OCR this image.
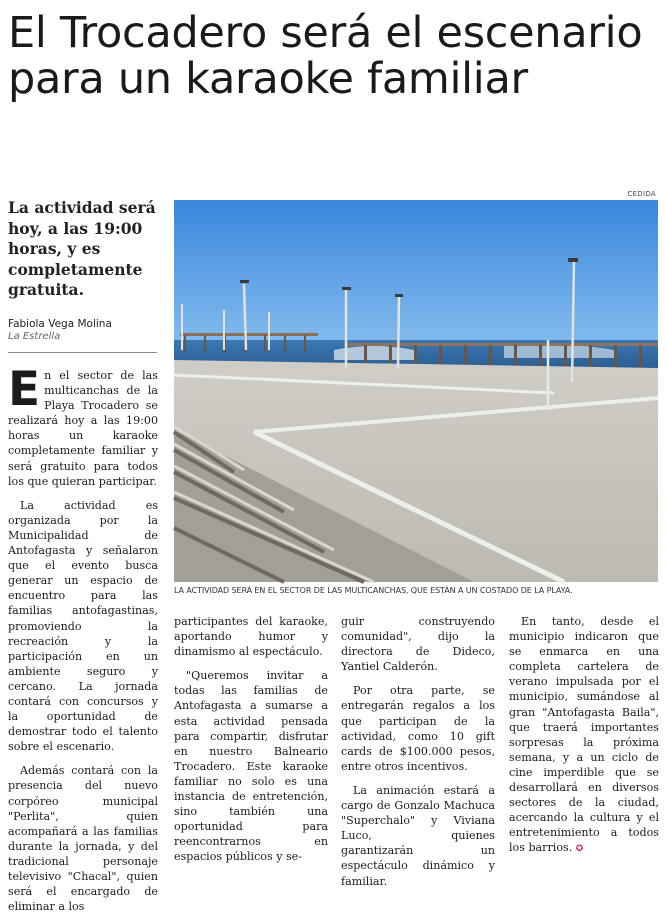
El Trocadero será el escenario para un karaoke familiar
La actividad será hoy, a las 19:00 horas, y es completamente gratuita.
Fabiola Vega Molina
La Estrella
CEDIDA
LA ACTIVIDAD SERÁ EN EL SECTOR DE LAS MULTICANCHAS, QUE ESTÁN A UN COSTADO DE LA PLAYA.

En el sector de las multicanchas de la Playa Trocadero se realizará hoy a las 19:00 horas un karaoke completamente familiar y será gratuito para todos los que quieran participar.

La actividad es organizada por la Municipalidad de Antofagasta y señalaron que el evento busca generar un espacio de encuentro para las familias antofagastinas, promoviendo la recreación y la participación en un ambiente seguro y cercano. La jornada contará con concursos y la oportunidad de demostrar todo el talento sobre el escenario.

Además contará con la presencia del nuevo corpóreo municipal "Perlita", quien acompañará a las familias durante la jornada, y del tradicional personaje televisivo "Chacal", quien será el encargado de eliminar a los

participantes del karaoke, aportando humor y dinamismo al espectáculo.

"Queremos invitar a todas las familias de Antofagasta a sumarse a esta actividad pensada para compartir, disfrutar en nuestro Balneario Trocadero. Este karaoke familiar no solo es una instancia de entretención, sino también una oportunidad para reencontrarnos en espacios públicos y se-

guir construyendo comunidad", dijo la directora de Dideco, Yantiel Calderón.

Por otra parte, se entregarán regalos a los que participan de la actividad, como 10 gift cards de $100.000 pesos, entre otros incentivos.

La animación estará a cargo de Gonzalo Machuca "Superchalo" y Viviana Luco, quienes garantizarán un espectáculo dinámico y familiar.

En tanto, desde el municipio indicaron que se enmarca en una completa cartelera de verano impulsada por el municipio, sumándose al gran "Antofagasta Baila", que traerá importantes sorpresas la próxima semana, y a un ciclo de cine imperdible que se desarrollará en diversos sectores de la ciudad, acercando la cultura y el entretenimiento a todos los barrios. ✪
